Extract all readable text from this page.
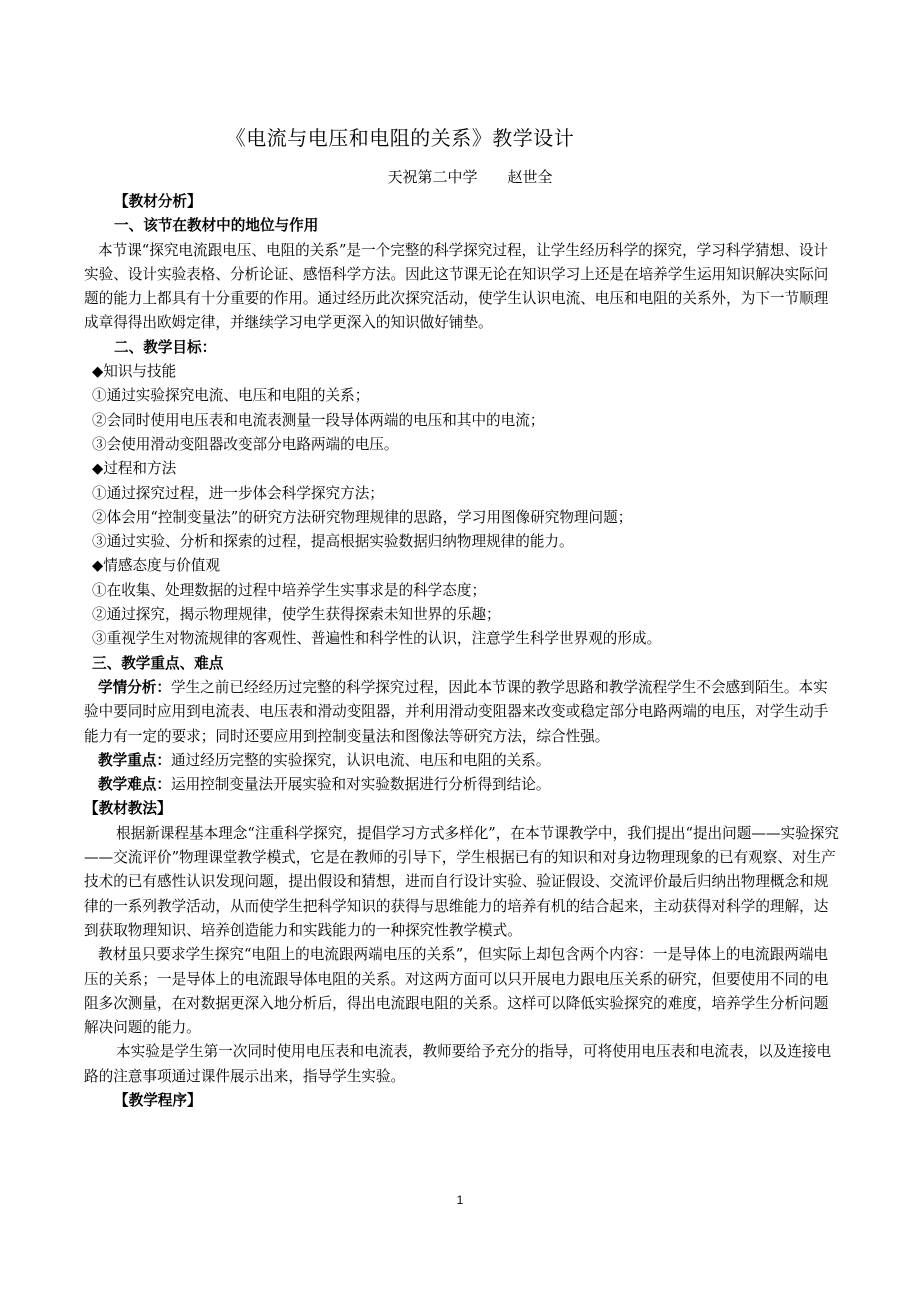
《电流与电压和电阻的关系》教学设计
天祝第二中学 赵世全

【教材分析】

一、该节在教材中的地位与作用

本节课“探究电流跟电压、电阻的关系”是一个完整的科学探究过程，让学生经历科学的探究，学习科学猜想、设计实验、设计实验表格、分析论证、感悟科学方法。因此这节课无论在知识学习上还是在培养学生运用知识解决实际问题的能力上都具有十分重要的作用。通过经历此次探究活动，使学生认识电流、电压和电阻的关系外，为下一节顺理成章得得出欧姆定律，并继续学习电学更深入的知识做好铺垫。

二、教学目标：

◆知识与技能

①通过实验探究电流、电压和电阻的关系；

②会同时使用电压表和电流表测量一段导体两端的电压和其中的电流；

③会使用滑动变阻器改变部分电路两端的电压。

◆过程和方法

①通过探究过程，进一步体会科学探究方法；

②体会用“控制变量法”的研究方法研究物理规律的思路，学习用图像研究物理问题；

③通过实验、分析和探索的过程，提高根据实验数据归纳物理规律的能力。

◆情感态度与价值观

①在收集、处理数据的过程中培养学生实事求是的科学态度；

②通过探究，揭示物理规律，使学生获得探索未知世界的乐趣；

③重视学生对物流规律的客观性、普遍性和科学性的认识，注意学生科学世界观的形成。

三、教学重点、难点

学情分析：学生之前已经经历过完整的科学探究过程，因此本节课的教学思路和教学流程学生不会感到陌生。本实验中要同时应用到电流表、电压表和滑动变阻器，并利用滑动变阻器来改变或稳定部分电路两端的电压，对学生动手能力有一定的要求；同时还要应用到控制变量法和图像法等研究方法，综合性强。

教学重点：通过经历完整的实验探究，认识电流、电压和电阻的关系。

教学难点：运用控制变量法开展实验和对实验数据进行分析得到结论。

【教材教法】

根据新课程基本理念“注重科学探究，提倡学习方式多样化”，在本节课教学中，我们提出“提出问题——实验探究——交流评价”物理课堂教学模式，它是在教师的引导下，学生根据已有的知识和对身边物理现象的已有观察、对生产技术的已有感性认识发现问题，提出假设和猜想，进而自行设计实验、验证假设、交流评价最后归纳出物理概念和规律的一系列教学活动，从而使学生把科学知识的获得与思维能力的培养有机的结合起来，主动获得对科学的理解，达到获取物理知识、培养创造能力和实践能力的一种探究性教学模式。

教材虽只要求学生探究“电阻上的电流跟两端电压的关系”，但实际上却包含两个内容：一是导体上的电流跟两端电压的关系；一是导体上的电流跟导体电阻的关系。对这两方面可以只开展电力跟电压关系的研究，但要使用不同的电阻多次测量，在对数据更深入地分析后，得出电流跟电阻的关系。这样可以降低实验探究的难度，培养学生分析问题解决问题的能力。

本实验是学生第一次同时使用电压表和电流表，教师要给予充分的指导，可将使用电压表和电流表，以及连接电路的注意事项通过课件展示出来，指导学生实验。

【教学程序】

1
